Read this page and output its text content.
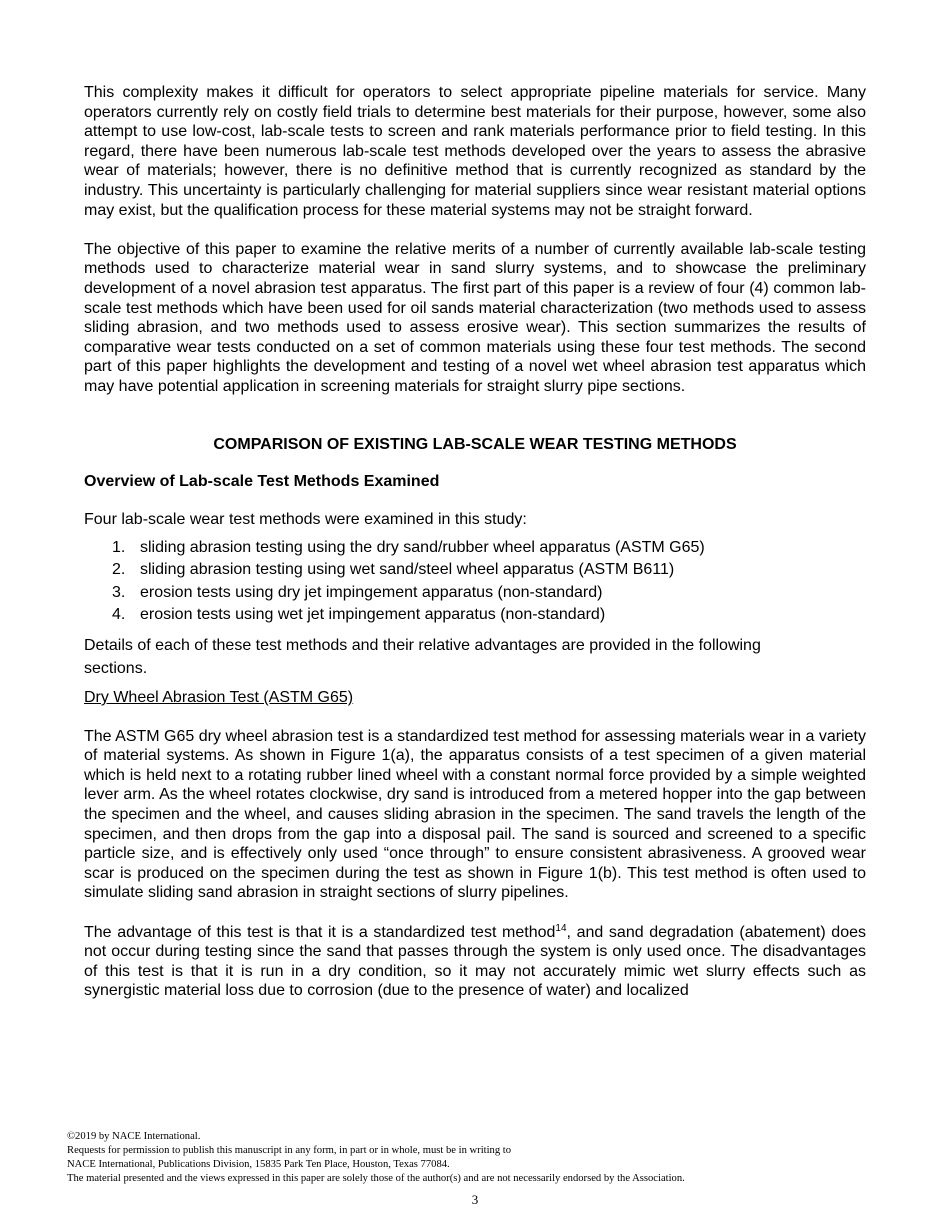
This complexity makes it difficult for operators to select appropriate pipeline materials for service. Many operators currently rely on costly field trials to determine best materials for their purpose, however, some also attempt to use low-cost, lab-scale tests to screen and rank materials performance prior to field testing. In this regard, there have been numerous lab-scale test methods developed over the years to assess the abrasive wear of materials; however, there is no definitive method that is currently recognized as standard by the industry. This uncertainty is particularly challenging for material suppliers since wear resistant material options may exist, but the qualification process for these material systems may not be straight forward.

The objective of this paper to examine the relative merits of a number of currently available lab-scale testing methods used to characterize material wear in sand slurry systems, and to showcase the preliminary development of a novel abrasion test apparatus. The first part of this paper is a review of four (4) common lab-scale test methods which have been used for oil sands material characterization (two methods used to assess sliding abrasion, and two methods used to assess erosive wear). This section summarizes the results of comparative wear tests conducted on a set of common materials using these four test methods. The second part of this paper highlights the development and testing of a novel wet wheel abrasion test apparatus which may have potential application in screening materials for straight slurry pipe sections.

COMPARISON OF EXISTING LAB-SCALE WEAR TESTING METHODS

Overview of Lab-scale Test Methods Examined

Four lab-scale wear test methods were examined in this study:

1. sliding abrasion testing using the dry sand/rubber wheel apparatus (ASTM G65)
2. sliding abrasion testing using wet sand/steel wheel apparatus (ASTM B611)
3. erosion tests using dry jet impingement apparatus (non-standard)
4. erosion tests using wet jet impingement apparatus (non-standard)

Details of each of these test methods and their relative advantages are provided in the following sections.

Dry Wheel Abrasion Test (ASTM G65)

The ASTM G65 dry wheel abrasion test is a standardized test method for assessing materials wear in a variety of material systems. As shown in Figure 1(a), the apparatus consists of a test specimen of a given material which is held next to a rotating rubber lined wheel with a constant normal force provided by a simple weighted lever arm. As the wheel rotates clockwise, dry sand is introduced from a metered hopper into the gap between the specimen and the wheel, and causes sliding abrasion in the specimen. The sand travels the length of the specimen, and then drops from the gap into a disposal pail. The sand is sourced and screened to a specific particle size, and is effectively only used “once through” to ensure consistent abrasiveness. A grooved wear scar is produced on the specimen during the test as shown in Figure 1(b). This test method is often used to simulate sliding sand abrasion in straight sections of slurry pipelines.

The advantage of this test is that it is a standardized test method$^{14}$, and sand degradation (abatement) does not occur during testing since the sand that passes through the system is only used once. The disadvantages of this test is that it is run in a dry condition, so it may not accurately mimic wet slurry effects such as synergistic material loss due to corrosion (due to the presence of water) and localized

©2019 by NACE International.

Requests for permission to publish this manuscript in any form, in part or in whole, must be in writing to

NACE International, Publications Division, 15835 Park Ten Place, Houston, Texas 77084.

The material presented and the views expressed in this paper are solely those of the author(s) and are not necessarily endorsed by the Association.

3
